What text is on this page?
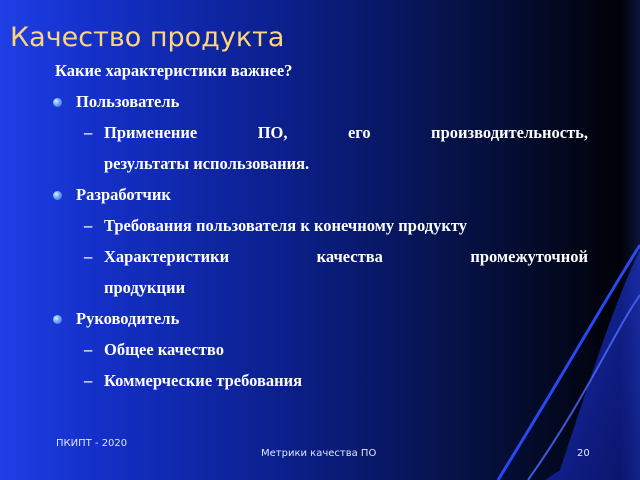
Качество продукта
Какие характеристики важнее?
Пользователь
– Применение ПО, его производительность,
результаты использования.
Разработчик
– Требования пользователя к конечному продукту
– Характеристики качества промежуточной
продукции
Руководитель
– Общее качество
– Коммерческие требования
ПКИПТ - 2020
Метрики качества ПО	20
